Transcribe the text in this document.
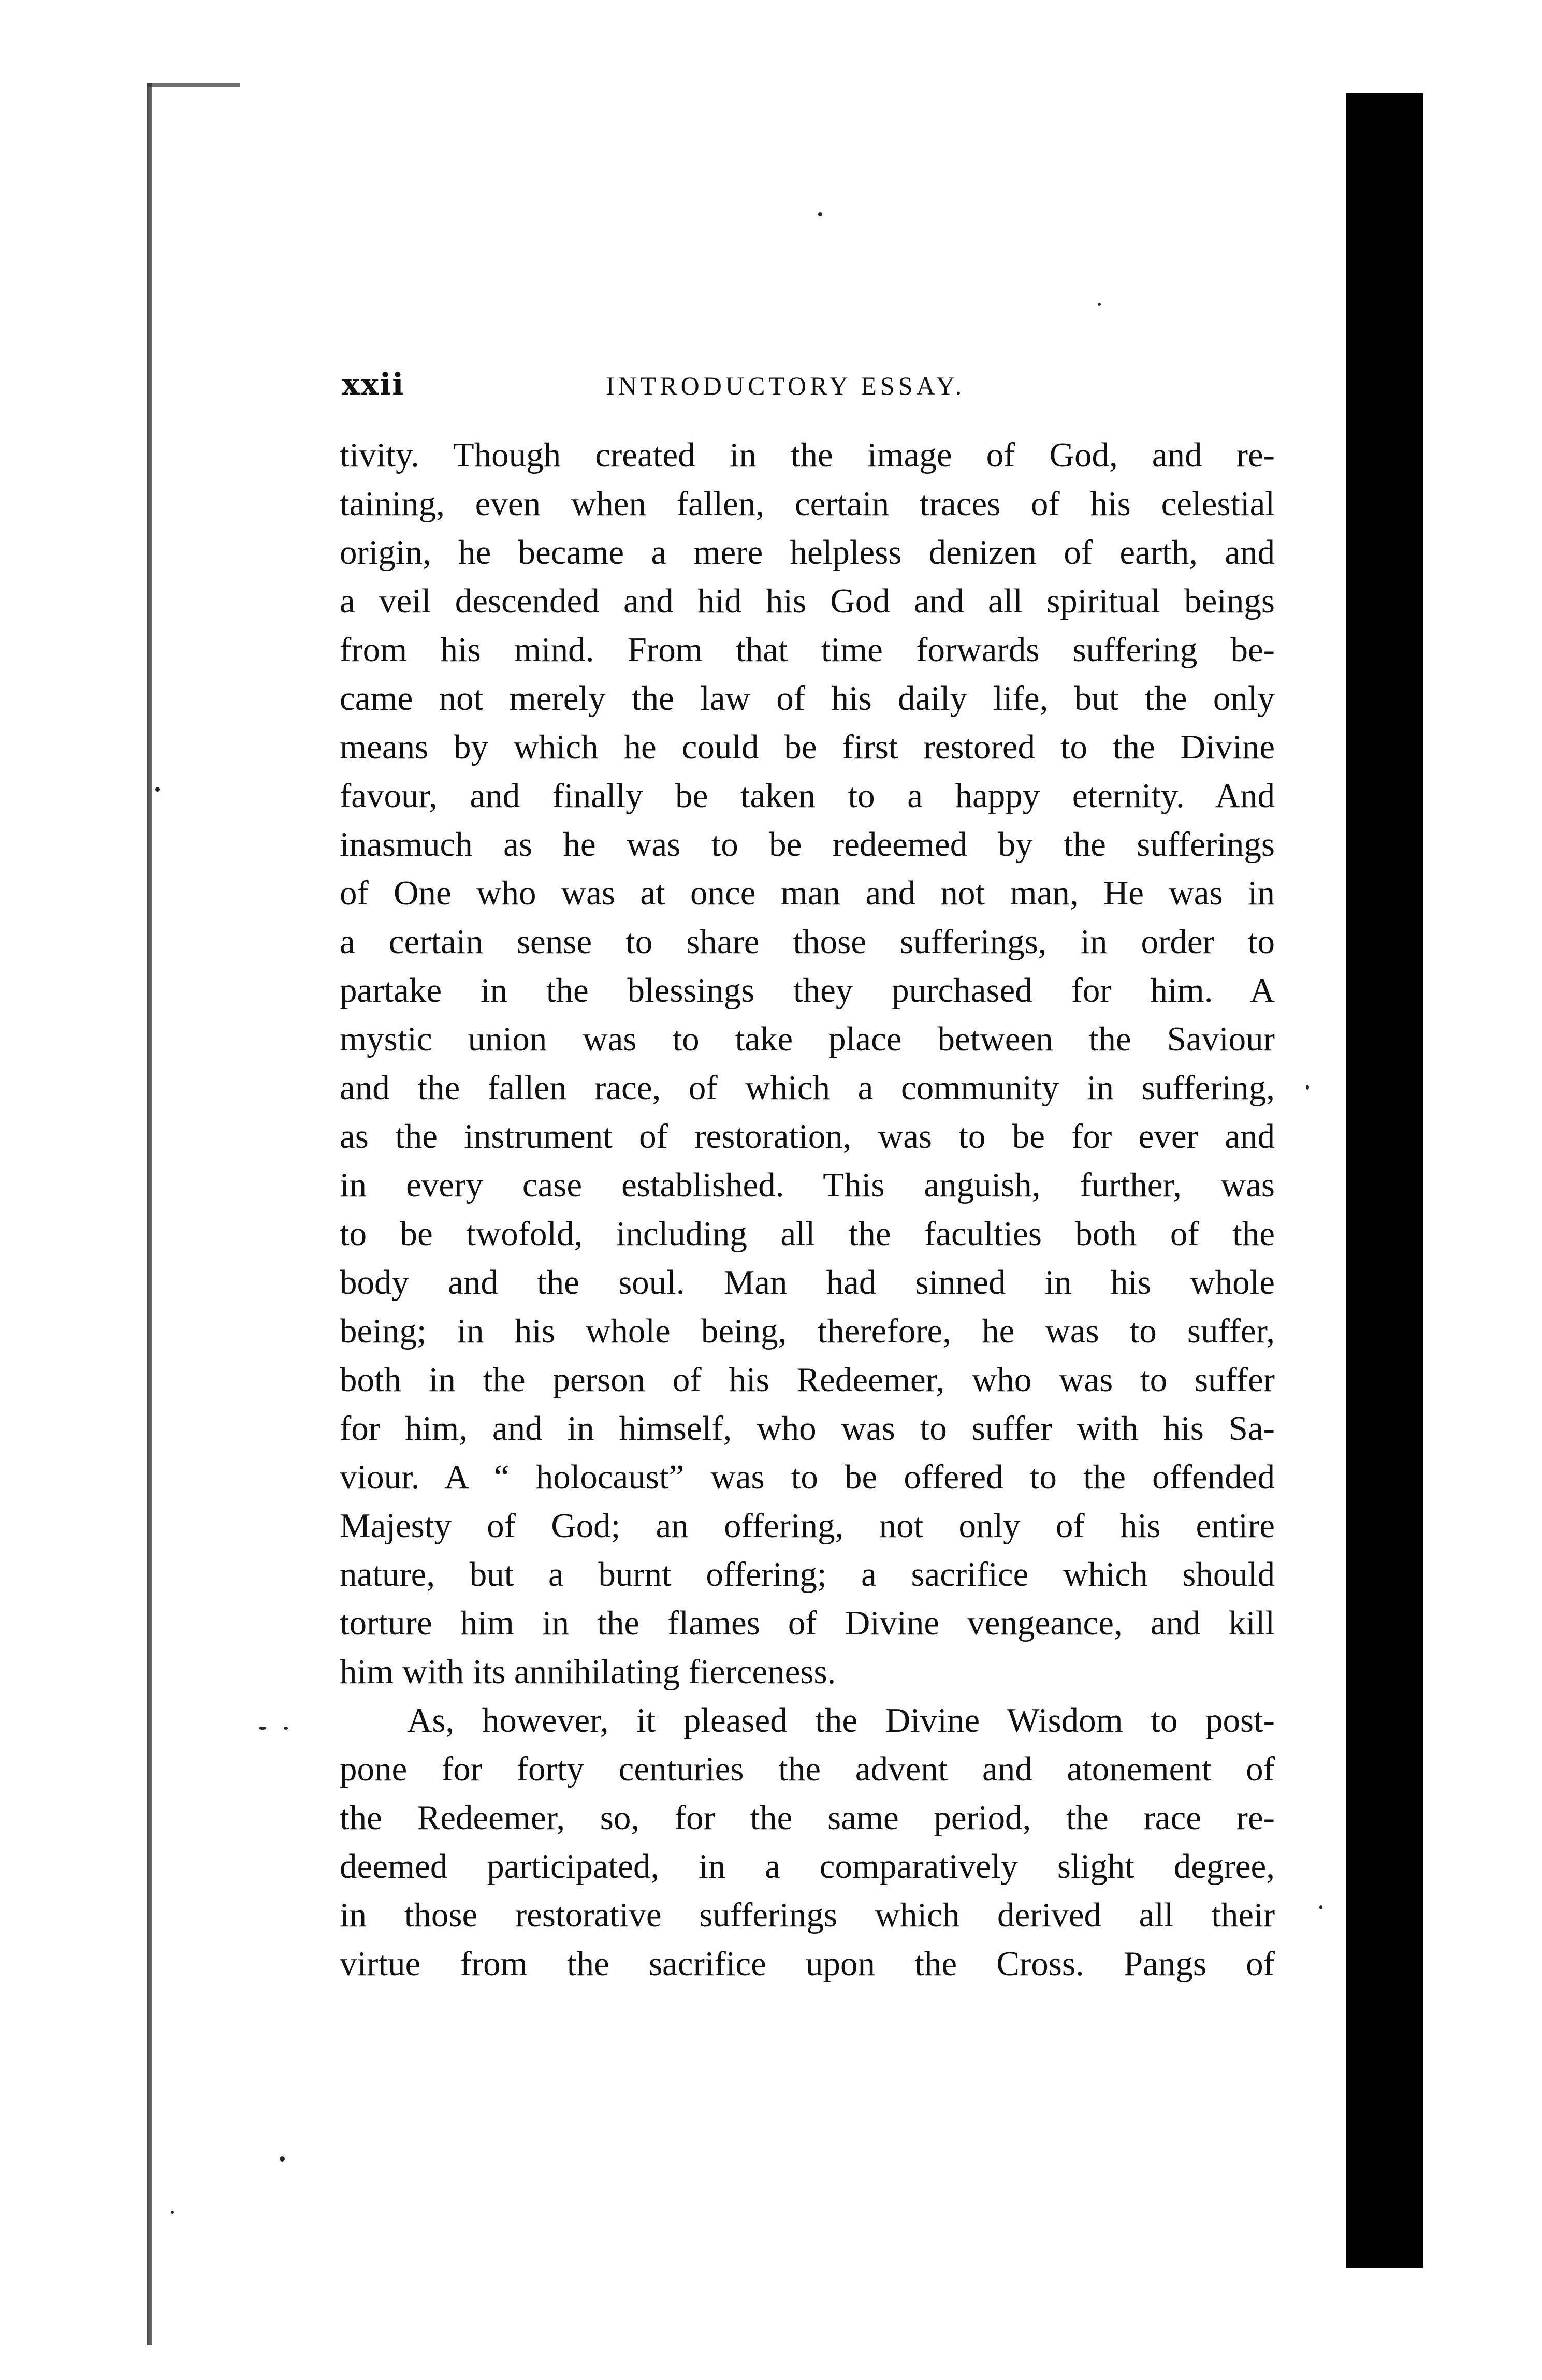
xxii	INTRODUCTORY ESSAY.
tivity. Though created in the image of God, and re-
taining, even when fallen, certain traces of his celestial
origin, he became a mere helpless denizen of earth, and
a veil descended and hid his God and all spiritual beings
from his mind. From that time forwards suffering be-
came not merely the law of his daily life, but the only
means by which he could be first restored to the Divine
favour, and finally be taken to a happy eternity. And
inasmuch as he was to be redeemed by the sufferings
of One who was at once man and not man, He was in
a certain sense to share those sufferings, in order to
partake in the blessings they purchased for him. A
mystic union was to take place between the Saviour
and the fallen race, of which a community in suffering,
as the instrument of restoration, was to be for ever and
in every case established. This anguish, further, was
to be twofold, including all the faculties both of the
body and the soul. Man had sinned in his whole
being; in his whole being, therefore, he was to suffer,
both in the person of his Redeemer, who was to suffer
for him, and in himself, who was to suffer with his Sa-
viour. A “ holocaust” was to be offered to the offended
Majesty of God; an offering, not only of his entire
nature, but a burnt offering; a sacrifice which should
torture him in the flames of Divine vengeance, and kill
him with its annihilating fierceness.
As, however, it pleased the Divine Wisdom to post-
pone for forty centuries the advent and atonement of
the Redeemer, so, for the same period, the race re-
deemed participated, in a comparatively slight degree,
in those restorative sufferings which derived all their
virtue from the sacrifice upon the Cross. Pangs of
